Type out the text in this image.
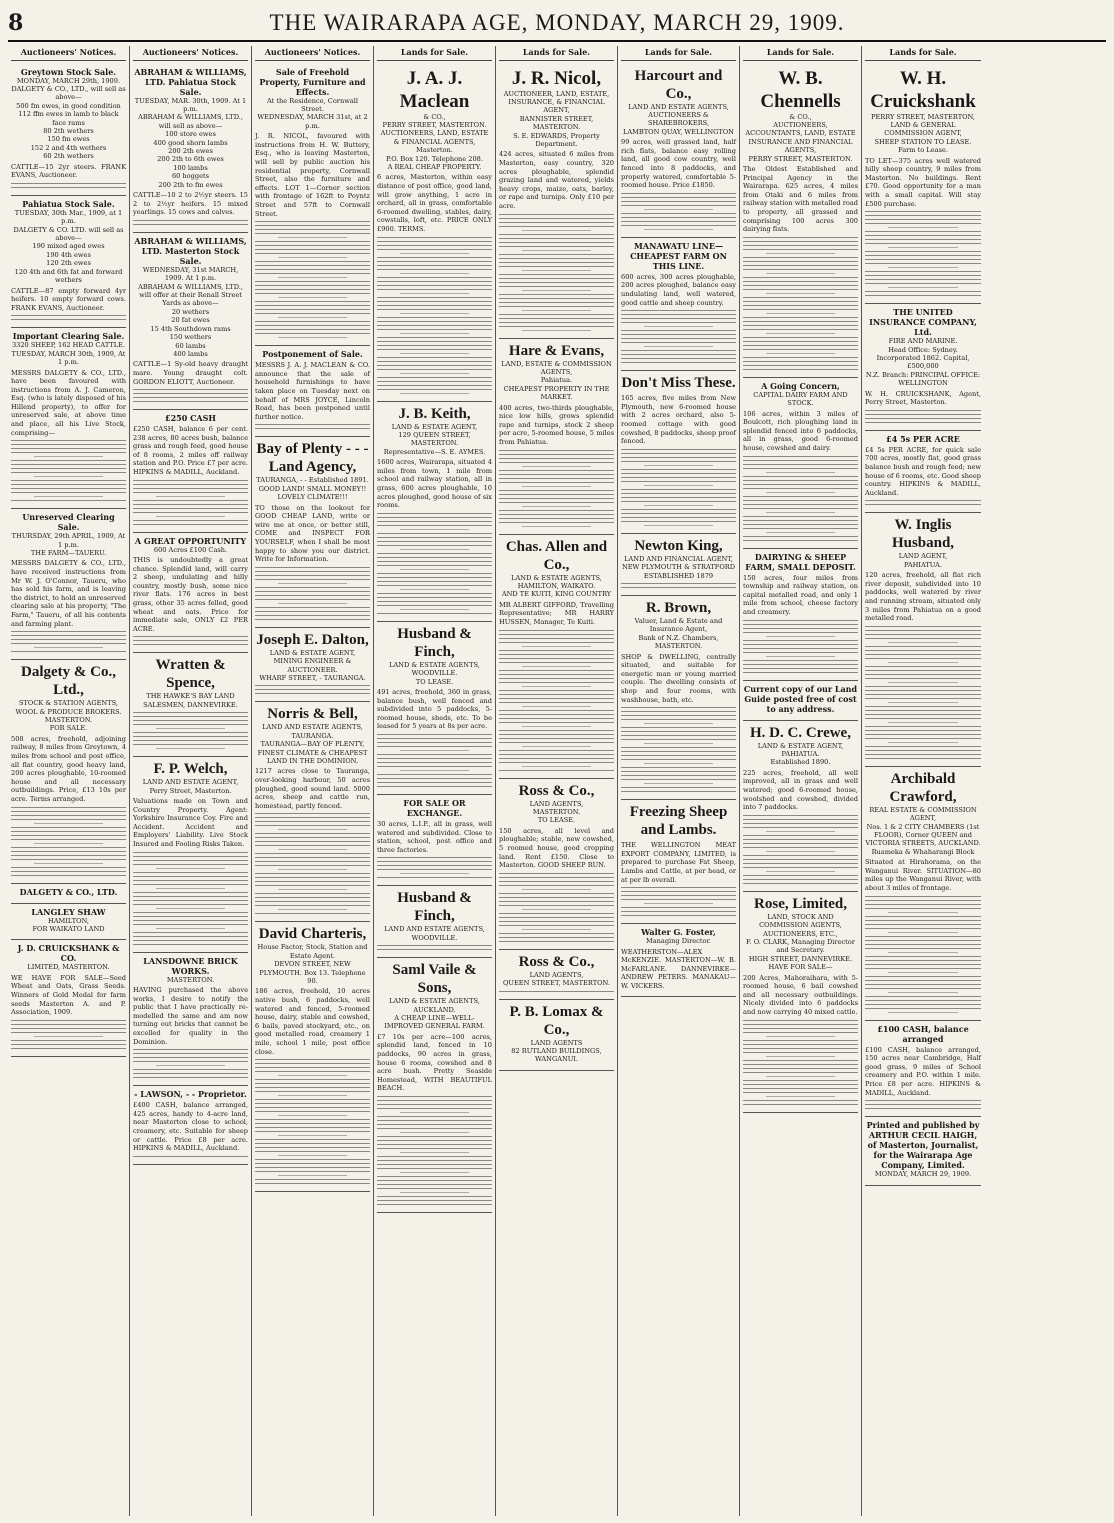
8	THE WAIRARAPA AGE, MONDAY, MARCH 29, 1909.
Auctioneers' Notices.
Greytown Stock Sale.
MONDAY, MARCH 29th, 1909.
DALGETY & CO., LTD., will sell as above—
500 fm ewes, in good condition
112 ffm ewes in lamb to black face rams
80 2th wethers
150 fm ewes
152 2 and 4th wethers
60 2th wethers

CATTLE—15 2yr steers. FRANK EVANS, Auctioneer.

Pahiatua Stock Sale.
TUESDAY, 30th Mar., 1909, at 1 p.m.
DALGETY & CO. LTD. will sell as above—
190 mixed aged ewes
190 4th ewes
120 2th ewes
120 4th and 6th fat and forward wethers

CATTLE—87 empty forward 4yr heifers. 10 empty forward cows. FRANK EVANS, Auctioneer.

Important Clearing Sale.
3320 SHEEP, 162 HEAD CATTLE.
TUESDAY, MARCH 30th, 1909, At 1 p.m.

MESSRS DALGETY & CO., LTD., have been favoured with instructions from A. J. Cameron, Esq. (who is lately disposed of his Hillend property), to offer for unreserved sale, at above time and place, all his Live Stock, comprising—

Unreserved Clearing Sale.
THURSDAY, 29th APRIL, 1909, At 1 p.m.
THE FARM—TAUERU.

MESSRS DALGETY & CO., LTD., have received instructions from Mr W. J. O'Connor, Taueru, who has sold his farm, and is leaving the district, to hold an unreserved clearing sale at his property, "The Farm," Taueru, of all his contents and farming plant.

Dalgety & Co., Ltd.,
STOCK & STATION AGENTS, WOOL & PRODUCE BROKERS.
MASTERTON.
FOR SALE.

508 acres, freehold, adjoining railway, 8 miles from Greytown, 4 miles from school and post office, all flat country, good heavy land, 200 acres ploughable, 10-roomed house and all necessary outbuildings. Price, £13 10s per acre. Terms arranged.

DALGETY & CO., LTD.
LANGLEY SHAW
HAMILTON,
FOR WAIKATO LAND
J. D. CRUICKSHANK & CO.
LIMITED, MASTERTON.

WE HAVE FOR SALE—Seed Wheat and Oats, Grass Seeds. Winners of Gold Medal for farm seeds Masterton A. and P. Association, 1909.

Auctioneers' Notices.
ABRAHAM & WILLIAMS, LTD. Pahiatua Stock Sale.
TUESDAY, MAR. 30th, 1909. At 1 p.m.
ABRAHAM & WILLIAMS, LTD., will sell as above—
100 store ewes
400 good shorn lambs
200 2th ewes
200 2th to 6th ewes
100 lambs
60 hoggets
200 2th to fm ewes

CATTLE—10 2 to 2½yr steers. 15 2 to 2½yr heifers. 15 mixed yearlings. 15 cows and calves.

ABRAHAM & WILLIAMS, LTD. Masterton Stock Sale.
WEDNESDAY, 31st MARCH, 1909. At 1 p.m.
ABRAHAM & WILLIAMS, LTD., will offer at their Renall Street Yards as above—
20 wethers
20 fat ewes
15 4th Southdown rams
150 wethers
60 lambs
400 lambs

CATTLE—1 Sy-old heavy draught mare. Young draught colt. GORDON ELIOTT, Auctioneer.

£250 CASH

£250 CASH, balance 6 per cent. 238 acres, 80 acres bush, balance grass and rough feed, good house of 8 rooms, 2 miles off railway station and P.O. Price £7 per acre. HIPKINS & MADILL, Auckland.

A GREAT OPPORTUNITY
600 Acres £100 Cash.

THIS is undoubtedly a great chance. Splendid land, will carry 2 sheep, undulating and hilly country, mostly bush, some nice river flats. 176 acres in best grass, other 35 acres felled, good wheat and oats. Price for immediate sale, ONLY £2 PER ACRE.

Wratten & Spence,
THE HAWKE'S BAY LAND SALESMEN, DANNEVIRKE.
F. P. Welch,
LAND AND ESTATE AGENT, Perry Street, Masterton.

Valuations made on Town and Country Property. Agent: Yorkshire Insurance Coy. Fire and Accident. Accident and Employers' Liability. Live Stock Insured and Fooling Risks Taken.

LANSDOWNE BRICK WORKS.
MASTERTON.

HAVING purchased the above works, I desire to notify the public that I have practically re-modelled the same and am now turning out bricks that cannot be excelled for quality in the Dominion.

- LAWSON, - - Proprietor.

£400 CASH, balance arranged, 425 acres, handy to 4-acre land, near Masterton close to school, creamery, etc. Suitable for sheep or cattle. Price £8 per acre. HIPKINS & MADILL, Auckland.

Auctioneers' Notices.
Sale of Freehold Property, Furniture and Effects.
At the Residence, Cornwall Street.
WEDNESDAY, MARCH 31st, at 2 p.m.

J. R. NICOL, favoured with instructions from H. W. Buttery, Esq., who is leaving Masterton, will sell by public auction his residential property, Cornwall Street, also the furniture and effects. LOT 1—Corner section with frontage of 162ft to Poyntz Street and 57ft to Cornwall Street.

Postponement of Sale.

MESSRS J. A. J. MACLEAN & CO. announce that the sale of household furnishings to have taken place on Tuesday next on behalf of MRS JOYCE, Lincoln Road, has been postponed until further notice.

Bay of Plenty - - - Land Agency,
TAURANGA, - - Established 1891.
GOOD LAND! SMALL MONEY!! LOVELY CLIMATE!!!

TO those on the lookout for GOOD CHEAP LAND, write or wire me at once, or better still, COME and INSPECT FOR YOURSELF, when I shall be most happy to show you our district. Write for Information.

Joseph E. Dalton,
LAND & ESTATE AGENT, MINING ENGINEER & AUCTIONEER.
WHARF STREET, - TAURANGA.
Norris & Bell,
LAND AND ESTATE AGENTS, TAURANGA.
TAURANGA—BAY OF PLENTY, FINEST CLIMATE & CHEAPEST LAND IN THE DOMINION.

1217 acres close to Tauranga, over-looking harbour, 50 acres ploughed, good sound land. 5000 acres, sheep and cattle run, homestead, partly fenced.

David Charteris,
House Factor, Stock, Station and Estate Agent.
DEVON STREET, NEW PLYMOUTH. Box 13. Telephone 90.

186 acres, freehold, 10 acres native bush, 6 paddocks, well watered and fenced, 5-roomed house, dairy, stable and cowshed, 6 bails, paved stockyard, etc., on good metalled road, creamery 1 mile, school 1 mile, post office close.

Lands for Sale.
J. A. J. Maclean
& CO.,
PERRY STREET, MASTERTON.
AUCTIONEERS, LAND, ESTATE & FINANCIAL AGENTS, Masterton.
P.O. Box 120. Telephone 208.
A REAL CHEAP PROPERTY.

6 acres, Masterton, within easy distance of post office, good land, will grow anything, 1 acre in orchard, all in grass, comfortable 6-roomed dwelling, stables, dairy, cowstalls, loft, etc. PRICE ONLY £900. TERMS.

J. B. Keith,
LAND & ESTATE AGENT,
129 QUEEN STREET, MASTERTON.
Representative—S. E. AYMES.

1600 acres, Wairarapa, situated 4 miles from town, 1 mile from school and railway station, all in grass, 600 acres ploughable, 10 acres ploughed, good house of six rooms.

Husband & Finch,
LAND & ESTATE AGENTS,
WOODVILLE.
TO LEASE.

491 acres, freehold, 360 in grass, balance bush, well fenced and subdivided into 5 paddocks, 5-roomed house, sheds, etc. To be leased for 5 years at 8s per acre.

FOR SALE OR EXCHANGE.

30 acres, L.I.P., all in grass, well watered and subdivided. Close to station, school, post office and three factories.

Husband & Finch,
LAND AND ESTATE AGENTS, WOODVILLE.
Saml Vaile & Sons,
LAND & ESTATE AGENTS,
AUCKLAND.
A CHEAP LINE—WELL-IMPROVED GENERAL FARM.

£7 10s per acre—100 acres, splendid land, fenced in 10 paddocks, 90 acres in grass, house 6 rooms, cowshed and 8 acre bush. Pretty Seaside Homestead, WITH BEAUTIFUL BEACH.

Lands for Sale.
J. R. Nicol,
AUCTIONEER, LAND, ESTATE, INSURANCE, & FINANCIAL AGENT,
BANNISTER STREET, MASTERTON.
S. E. EDWARDS, Property Department.

424 acres, situated 6 miles from Masterton, easy country, 320 acres ploughable, splendid grazing land and watered, yields heavy crops, maize, oats, barley, or rape and turnips. Only £10 per acre.

Hare & Evans,
LAND, ESTATE & COMMISSION AGENTS,
Pahiatua.
CHEAPEST PROPERTY IN THE MARKET.

400 acres, two-thirds ploughable, nice low hills, grows splendid rape and turnips, stock 2 sheep per acre, 5-roomed house, 5 miles from Pahiatua.

Chas. Allen and Co.,
LAND & ESTATE AGENTS,
HAMILTON, WAIKATO.
AND TE KUITI, KING COUNTRY

MR ALBERT GIFFORD, Travelling Representative; MR HARRY HUSSEN, Manager, Te Kuiti.

Ross & Co.,
LAND AGENTS,
MASTERTON.
TO LEASE.

150 acres, all level and ploughable; stable, new cowshed, 5 roomed house, good cropping land. Rent £150. Close to Masterton. GOOD SHEEP RUN.

Ross & Co.,
LAND AGENTS,
QUEEN STREET, MASTERTON.
P. B. Lomax & Co.,
LAND AGENTS
82 RUTLAND BUILDINGS,
WANGANUI.
Lands for Sale.
Harcourt and Co.,
LAND AND ESTATE AGENTS,
AUCTIONEERS & SHAREBROKERS,
LAMBTON QUAY, WELLINGTON

99 acres, well grassed land, half rich flats, balance easy rolling land, all good cow country, well fenced into 8 paddocks, and properly watered, comfortable 5-roomed house. Price £1850.

MANAWATU LINE—CHEAPEST FARM ON THIS LINE.

600 acres, 300 acres ploughable, 200 acres ploughed, balance easy undulating land, well watered, good cattle and sheep country.

Don't Miss These.

165 acres, five miles from New Plymouth, new 6-roomed house with 2 acres orchard, also 5-roomed cottage with good cowshed, 8 paddocks, sheep proof fenced.

Newton King,
LAND AND FINANCIAL AGENT, NEW PLYMOUTH & STRATFORD
ESTABLISHED 1879
R. Brown,
Valuer, Land & Estate and Insurance Agent,
Bank of N.Z. Chambers,
MASTERTON.

SHOP & DWELLING, centrally situated, and suitable for energetic man or young married couple. The dwelling consists of shop and four rooms, with washhouse, bath, etc.

Freezing Sheep and Lambs.

THE WELLINGTON MEAT EXPORT COMPANY, LIMITED, is prepared to purchase Fat Sheep, Lambs and Cattle, at per head, or at per lb overall.

Walter G. Foster,
Managing Director.

WEATHERSTON—ALEX McKENZIE. MASTERTON—W. B. McFARLANE. DANNEVIRKE—ANDREW PETERS. MANAKAU—W. VICKERS.

Lands for Sale.
W. B. Chennells
& CO.,
AUCTIONEERS,
ACCOUNTANTS, LAND, ESTATE INSURANCE AND FINANCIAL AGENTS,
PERRY STREET, MASTERTON.

The Oldest Established and Principal Agency in the Wairarapa. 625 acres, 4 miles from Otaki and 6 miles from railway station with metalled road to property, all grassed and comprising 100 acres 300 dairying flats.

A Going Concern,
CAPITAL DAIRY FARM AND STOCK.

106 acres, within 3 miles of Boulcott, rich ploughing land in splendid fenced into 6 paddocks, all in grass, good 6-roomed house, cowshed and dairy.

DAIRYING & SHEEP FARM, SMALL DEPOSIT.

150 acres, four miles from township and railway station, on capital metalled road, and only 1 mile from school, cheese factory and creamery.

Current copy of our Land Guide posted free of cost to any address.
H. D. C. Crewe,
LAND & ESTATE AGENT,
PAHIATUA.
Established 1890.

225 acres, freehold, all well improved, all in grass and well watered; good 6-roomed house, woolshed and cowshed, divided into 7 paddocks.

Rose, Limited,
LAND, STOCK AND COMMISSION AGENTS, AUCTIONEERS, ETC.,
F. O. CLARK, Managing Director and Secretary.
HIGH STREET, DANNEVIRKE.
HAVE FOR SALE—

200 Acres, Mahoraihara, with 5-roomed house, 6 bail cowshed and all necessary outbuildings. Nicely divided into 6 paddocks and now carrying 40 mixed cattle.

Lands for Sale.
W. H. Cruickshank
PERRY STREET, MASTERTON,
LAND & GENERAL COMMISSION AGENT,
SHEEP STATION TO LEASE.
Farm to Lease.

TO LET—375 acres well watered hilly sheep country, 9 miles from Masterton. No buildings. Rent £70. Good opportunity for a man with a small capital. Will stay £500 purchase.

THE UNITED INSURANCE COMPANY, Ltd.
FIRE AND MARINE.
Head Office: Sydney.
Incorporated 1862. Capital, £500,000
N.Z. Branch: PRINCIPAL OFFICE: WELLINGTON

W. H. CRUICKSHANK, Agent, Perry Street, Masterton.

£4 5s PER ACRE

£4 5s PER ACRE, for quick sale 700 acres, mostly flat, good grass balance bush and rough feed; new house of 6 rooms, etc. Good sheep country. HIPKINS & MADILL, Auckland.

W. Inglis Husband,
LAND AGENT,
PAHIATUA.

120 acres, freehold, all flat rich river deposit, subdivided into 10 paddocks, well watered by river and running stream, situated only 3 miles from Pahiatua on a good metalled road.

Archibald Crawford,
REAL ESTATE & COMMISSION AGENT,
Nos. 1 & 2 CITY CHAMBERS (1st FLOOR), Corner QUEEN and VICTORIA STREETS, AUCKLAND.
Ruameka & Whaharangi Block

Situated at Hirahorama, on the Wanganui River. SITUATION—80 miles up the Wanganui River, with about 3 miles of frontage.

£100 CASH, balance arranged

£100 CASH, balance arranged, 150 acres near Cambridge, Half good grass, 9 miles of School creamery and P.O. within 1 mile. Price £8 per acre. HIPKINS & MADILL, Auckland.

Printed and published by ARTHUR CECIL HAIGH, of Masterton, Journalist, for the Wairarapa Age Company, Limited.
MONDAY, MARCH 29, 1909.
